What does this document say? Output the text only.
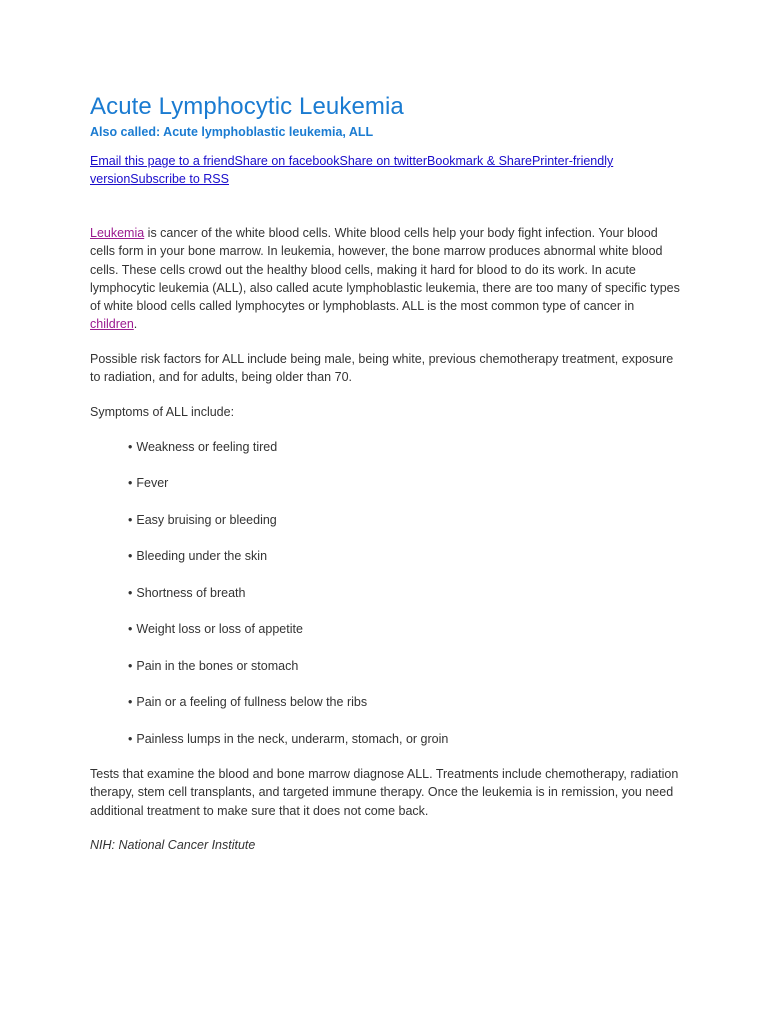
Acute Lymphocytic Leukemia
Also called: Acute lymphoblastic leukemia, ALL
Email this page to a friendShare on facebookShare on twitterBookmark & SharePrinter-friendly versionSubscribe to RSS

Leukemia is cancer of the white blood cells. White blood cells help your body fight infection. Your blood cells form in your bone marrow. In leukemia, however, the bone marrow produces abnormal white blood cells. These cells crowd out the healthy blood cells, making it hard for blood to do its work. In acute lymphocytic leukemia (ALL), also called acute lymphoblastic leukemia, there are too many of specific types of white blood cells called lymphocytes or lymphoblasts. ALL is the most common type of cancer in children.

Possible risk factors for ALL include being male, being white, previous chemotherapy treatment, exposure to radiation, and for adults, being older than 70.

Symptoms of ALL include:

• Weakness or feeling tired
• Fever
• Easy bruising or bleeding
• Bleeding under the skin
• Shortness of breath
• Weight loss or loss of appetite
• Pain in the bones or stomach
• Pain or a feeling of fullness below the ribs
• Painless lumps in the neck, underarm, stomach, or groin

Tests that examine the blood and bone marrow diagnose ALL. Treatments include chemotherapy, radiation therapy, stem cell transplants, and targeted immune therapy. Once the leukemia is in remission, you need additional treatment to make sure that it does not come back.

NIH: National Cancer Institute
